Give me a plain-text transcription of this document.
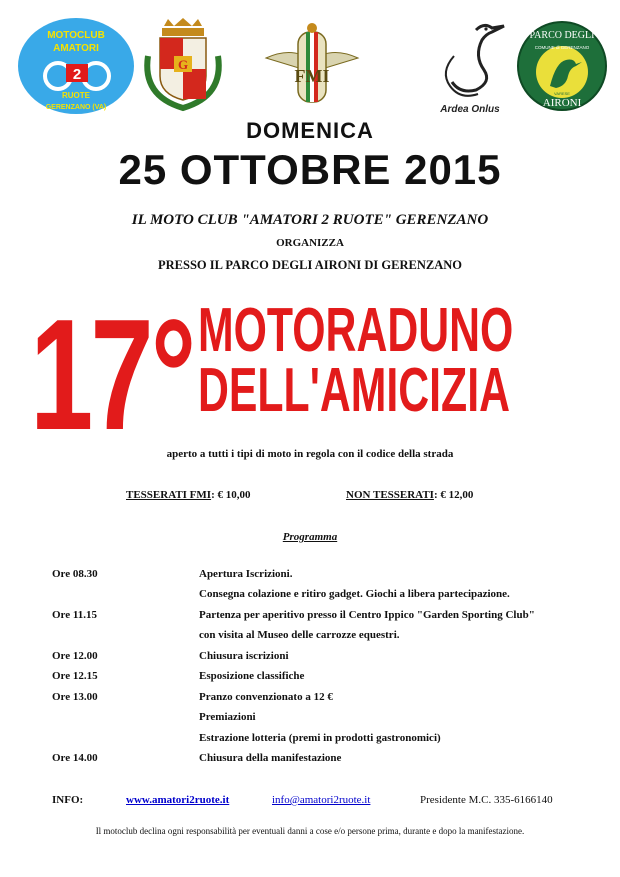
MOTOCLUB
AMATORI
2
RUOTE
GERENZANO (VA)
G
FMI
Ardea Onlus
PARCO DEGLI
COMUNE di GERENZANO
VARESE
AIRONI
DOMENICA
25 OTTOBRE 2015
IL MOTO CLUB "AMATORI 2 RUOTE" GERENZANO
ORGANIZZA
PRESSO IL PARCO DEGLI AIRONI DI GERENZANO
17° MOTORADUNO
DELL'AMICIZIA
aperto a tutti i tipi di moto in regola con il codice della strada
TESSERATI FMI: € 10,00	NON TESSERATI: € 12,00
Programma
Ore 08.30	Apertura Iscrizioni.
Consegna colazione e ritiro gadget. Giochi a libera partecipazione.
Ore 11.15	Partenza per aperitivo presso il Centro Ippico "Garden Sporting Club"
con visita al Museo delle carrozze equestri.
Ore 12.00	Chiusura iscrizioni
Ore 12.15	Esposizione classifiche
Ore 13.00	Pranzo convenzionato a 12 €
Premiazioni
Estrazione lotteria (premi in prodotti gastronomici)
Ore 14.00	Chiusura della manifestazione
INFO:	www.amatori2ruote.it	info@amatori2ruote.it	Presidente M.C. 335-6166140
Il motoclub declina ogni responsabilità per eventuali danni a cose e/o persone prima, durante e dopo la manifestazione.
